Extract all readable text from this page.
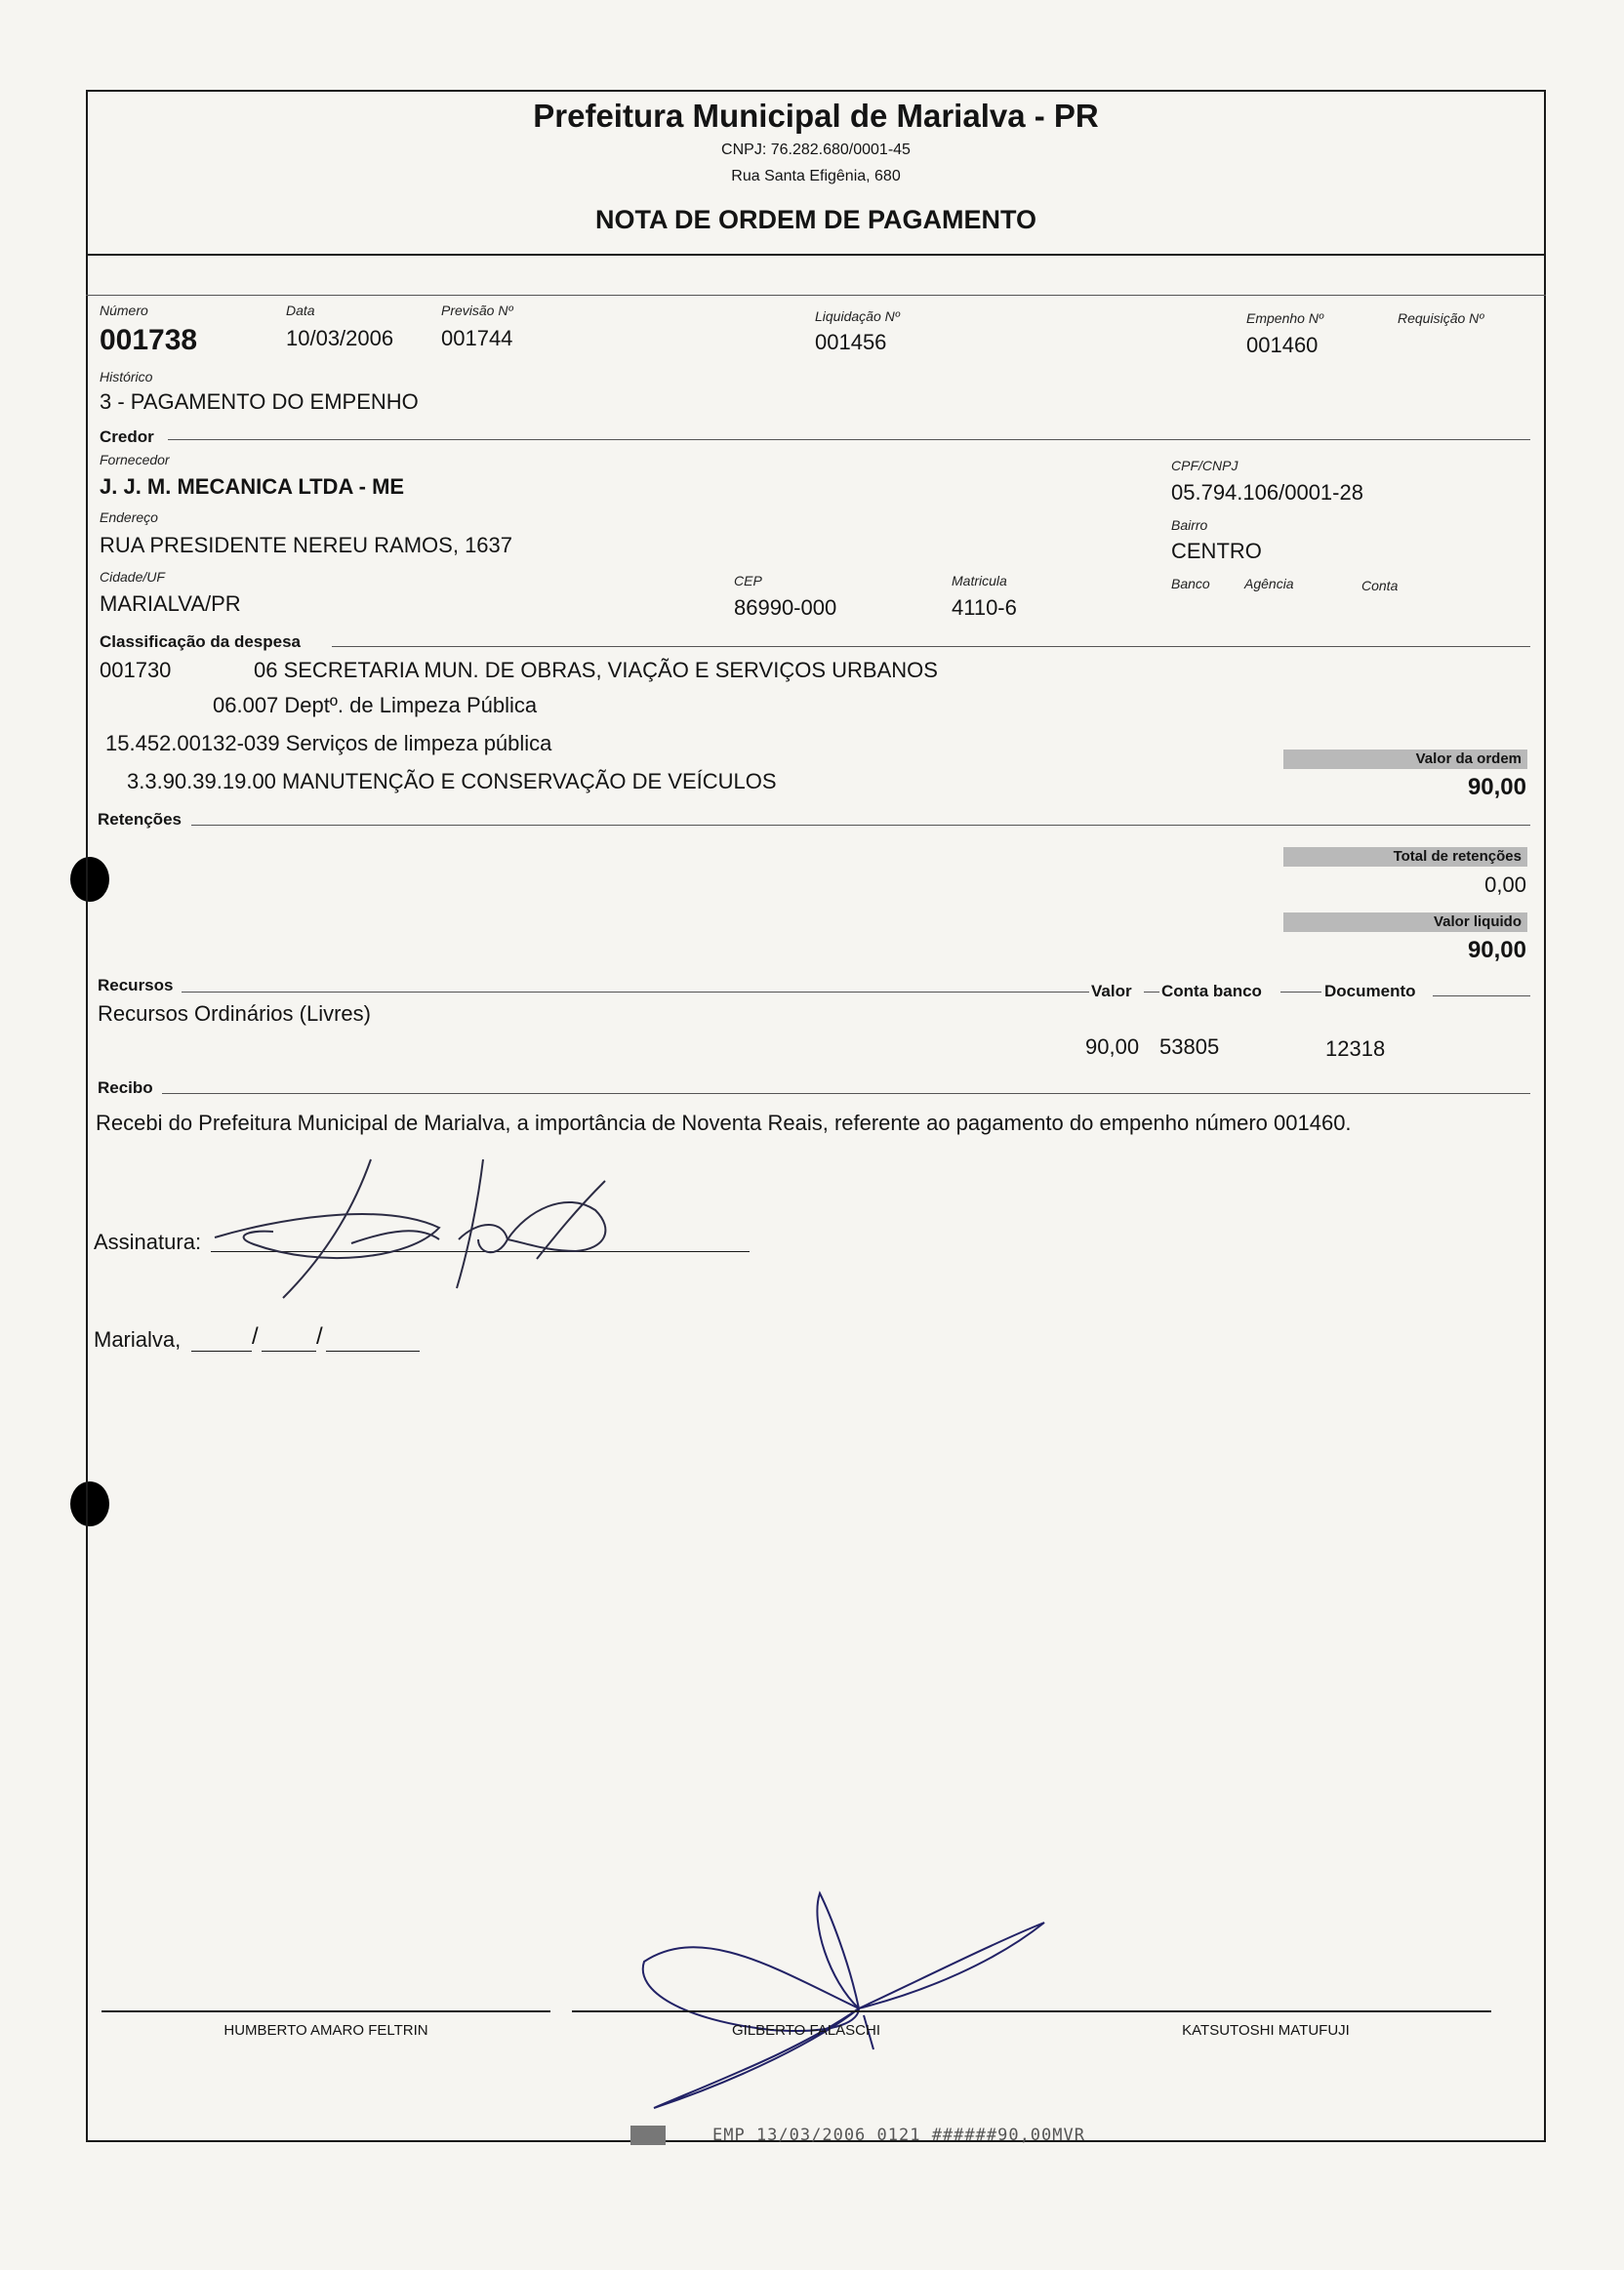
Prefeitura Municipal de Marialva - PR
CNPJ: 76.282.680/0001-45
Rua Santa Efigênia, 680
NOTA DE ORDEM DE PAGAMENTO
Número
001738
Data
10/03/2006
Previsão Nº
001744
Liquidação Nº
001456
Empenho Nº
001460
Requisição Nº
Histórico
3 - PAGAMENTO DO EMPENHO
Credor
Fornecedor
J. J. M. MECANICA LTDA - ME
CPF/CNPJ
05.794.106/0001-28
Endereço
RUA PRESIDENTE NEREU RAMOS, 1637
Bairro
CENTRO
Cidade/UF
MARIALVA/PR
CEP
86990-000
Matricula
4110-6
Banco	Agência	Conta
Classificação da despesa
001730	06 SECRETARIA MUN. DE OBRAS, VIAÇÃO E SERVIÇOS URBANOS
06.007 Deptº. de Limpeza Pública
15.452.00132-039 Serviços de limpeza pública
3.3.90.39.19.00 MANUTENÇÃO E CONSERVAÇÃO DE VEÍCULOS
Valor da ordem
90,00
Retenções
Total de retenções
0,00
Valor liquido
90,00
Recursos	Valor Conta banco	Documento
Recursos Ordinários (Livres)
90,00 53805	12318
Recibo
Recebi do Prefeitura Municipal de Marialva, a importância de Noventa Reais, referente ao pagamento do empenho número 001460.
Assinatura:
Marialva,	/ /
HUMBERTO AMARO FELTRIN	GILBERTO FALASCHI	KATSUTOSHI MATUFUJI
EMP 13/03/2006 0121 ######90,00MVR
